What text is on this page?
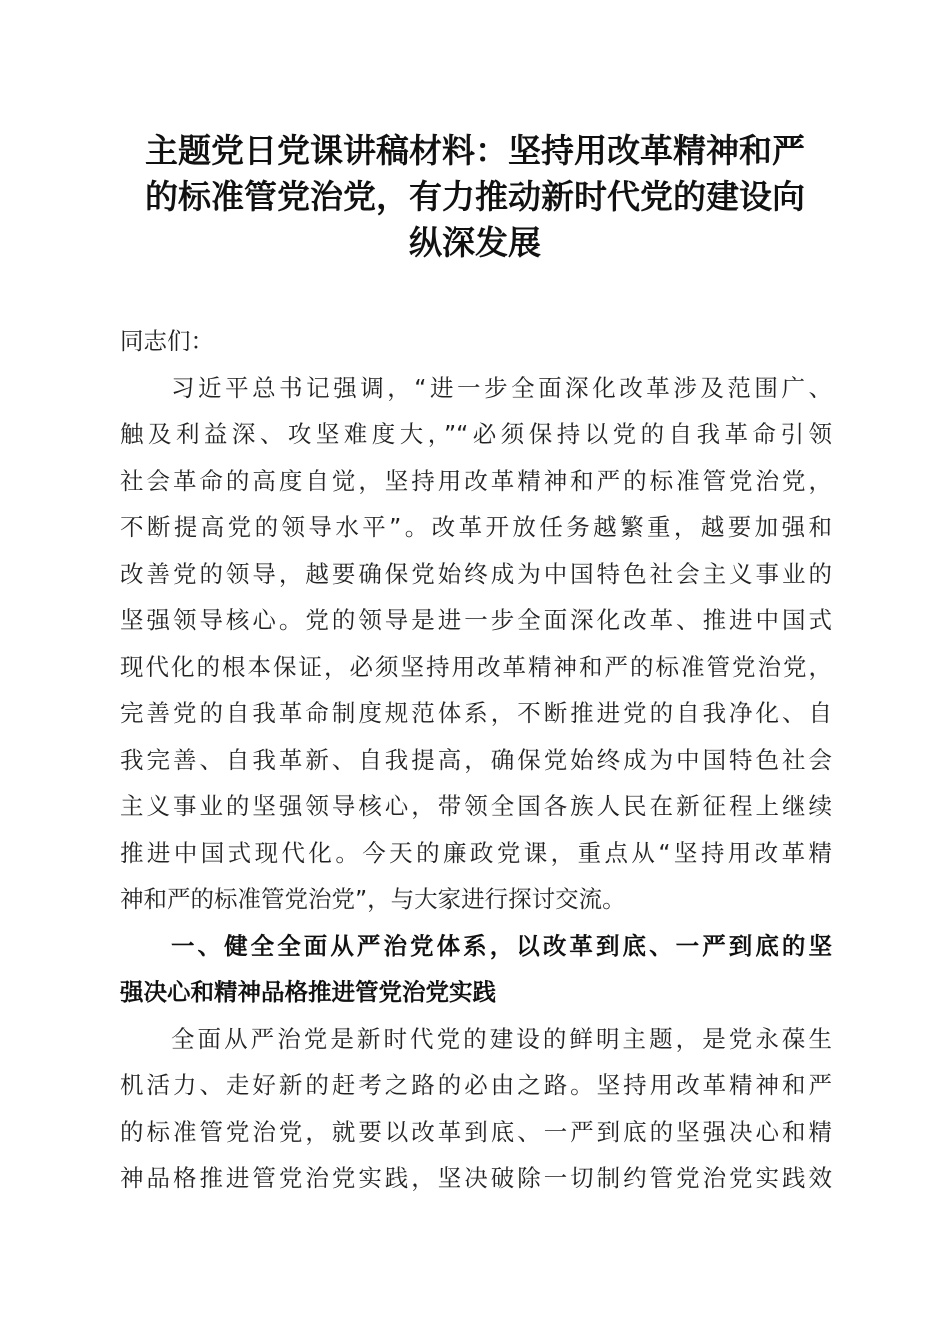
主题党日党课讲稿材料：坚持用改革精神和严
的标准管党治党，有力推动新时代党的建设向
纵深发展
同志们：
习近平总书记强调，“进一步全面深化改革涉及范围广、
触及利益深、攻坚难度大，”“必须保持以党的自我革命引领
社会革命的高度自觉，坚持用改革精神和严的标准管党治党，
不断提高党的领导水平”。改革开放任务越繁重，越要加强和
改善党的领导，越要确保党始终成为中国特色社会主义事业的
坚强领导核心。党的领导是进一步全面深化改革、推进中国式
现代化的根本保证，必须坚持用改革精神和严的标准管党治党，
完善党的自我革命制度规范体系，不断推进党的自我净化、自
我完善、自我革新、自我提高，确保党始终成为中国特色社会
主义事业的坚强领导核心，带领全国各族人民在新征程上继续
推进中国式现代化。今天的廉政党课，重点从“坚持用改革精
神和严的标准管党治党”，与大家进行探讨交流。
一、健全全面从严治党体系，以改革到底、一严到底的坚
强决心和精神品格推进管党治党实践
全面从严治党是新时代党的建设的鲜明主题，是党永葆生
机活力、走好新的赶考之路的必由之路。坚持用改革精神和严
的标准管党治党，就要以改革到底、一严到底的坚强决心和精
神品格推进管党治党实践，坚决破除一切制约管党治党实践效
